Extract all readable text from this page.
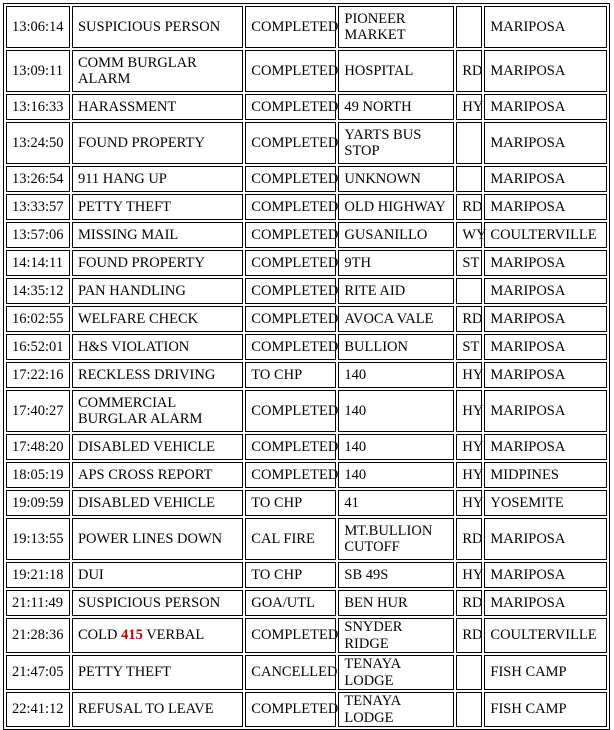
13:06:14	SUSPICIOUS PERSON	COMPLETED	PIONEER MARKET		MARIPOSA
13:09:11	COMM BURGLAR ALARM	COMPLETED	HOSPITAL	RD	MARIPOSA
13:16:33	HARASSMENT	COMPLETED	49 NORTH	HY	MARIPOSA
13:24:50	FOUND PROPERTY	COMPLETED	YARTS BUS STOP		MARIPOSA
13:26:54	911 HANG UP	COMPLETED	UNKNOWN		MARIPOSA
13:33:57	PETTY THEFT	COMPLETED	OLD HIGHWAY	RD	MARIPOSA
13:57:06	MISSING MAIL	COMPLETED	GUSANILLO	WY	COULTERVILLE
14:14:11	FOUND PROPERTY	COMPLETED	9TH	ST	MARIPOSA
14:35:12	PAN HANDLING	COMPLETED	RITE AID		MARIPOSA
16:02:55	WELFARE CHECK	COMPLETED	AVOCA VALE	RD	MARIPOSA
16:52:01	H&S VIOLATION	COMPLETED	BULLION	ST	MARIPOSA
17:22:16	RECKLESS DRIVING	TO CHP	140	HY	MARIPOSA
17:40:27	COMMERCIAL BURGLAR ALARM	COMPLETED	140	HY	MARIPOSA
17:48:20	DISABLED VEHICLE	COMPLETED	140	HY	MARIPOSA
18:05:19	APS CROSS REPORT	COMPLETED	140	HY	MIDPINES
19:09:59	DISABLED VEHICLE	TO CHP	41	HY	YOSEMITE
19:13:55	POWER LINES DOWN	CAL FIRE	MT.BULLION CUTOFF	RD	MARIPOSA
19:21:18	DUI	TO CHP	SB 49S	HY	MARIPOSA
21:11:49	SUSPICIOUS PERSON	GOA/UTL	BEN HUR	RD	MARIPOSA
21:28:36	COLD 415 VERBAL	COMPLETED	SNYDER RIDGE	RD	COULTERVILLE
21:47:05	PETTY THEFT	CANCELLED	TENAYA LODGE		FISH CAMP
22:41:12	REFUSAL TO LEAVE	COMPLETED	TENAYA LODGE		FISH CAMP
